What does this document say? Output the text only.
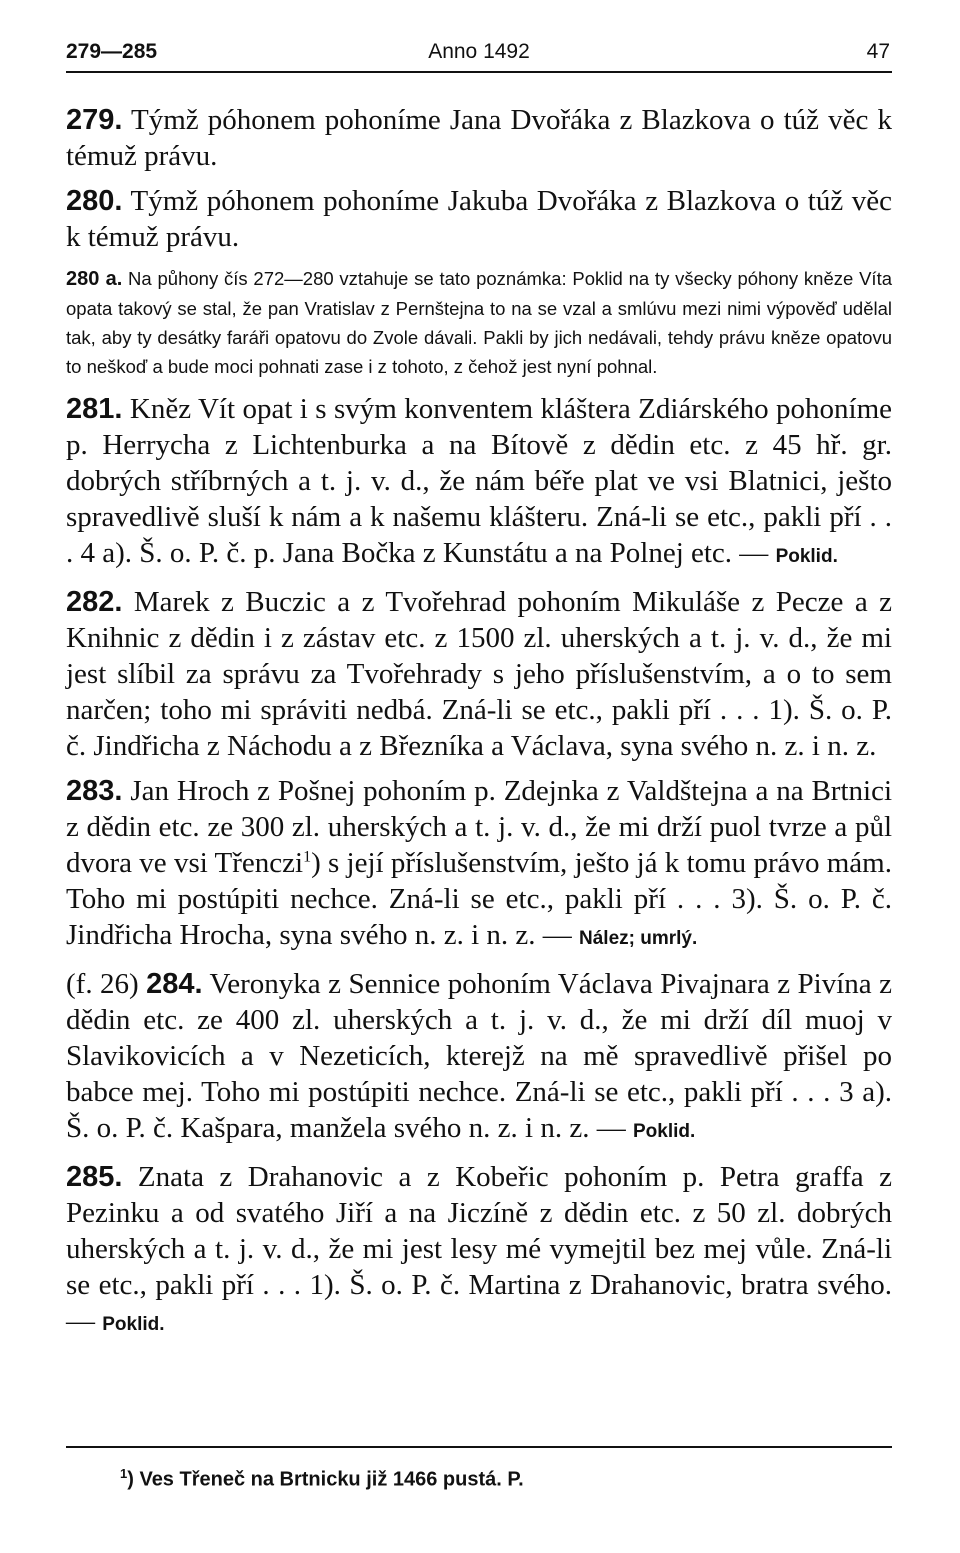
279—285	Anno 1492	47

279. Týmž póhonem pohoníme Jana Dvořáka z Blazkova o túž věc k témuž právu.

280. Týmž póhonem pohoníme Jakuba Dvořáka z Blazkova o túž věc k témuž právu.

280 a. Na půhony čís 272—280 vztahuje se tato poznámka: Poklid na ty všecky póhony kněze Víta opata takový se stal, že pan Vratislav z Pernštejna to na se vzal a smlúvu mezi nimi výpověď udělal tak, aby ty desátky faráři opatovu do Zvole dávali. Pakli by jich nedávali, tehdy právu kněze opatovu to neškoď a bude moci pohnati zase i z tohoto, z čehož jest nyní pohnal.

281. Kněz Vít opat i s svým konventem kláštera Zdiárského pohoníme p. Herrycha z Lichtenburka a na Bítově z dědin etc. z 45 hř. gr. dobrých stříbrných a t. j. v. d., že nám béře plat ve vsi Blatnici, ješto spravedlivě sluší k nám a k našemu klášteru. Zná-li se etc., pakli pří . . . 4 a). Š. o. P. č. p. Jana Bočka z Kunstátu a na Polnej etc. — Poklid.

282. Marek z Buczic a z Tvořehrad pohoním Mikuláše z Pecze a z Knihnic z dědin i z zástav etc. z 1500 zl. uherských a t. j. v. d., že mi jest slíbil za správu za Tvořehrady s jeho příslušenstvím, a o to sem narčen; toho mi správiti nedbá. Zná-li se etc., pakli pří . . . 1). Š. o. P. č. Jindřicha z Náchodu a z Březníka a Václava, syna svého n. z. i n. z.

283. Jan Hroch z Pošnej pohoním p. Zdejnka z Valdštejna a na Brtnici z dědin etc. ze 300 zl. uherských a t. j. v. d., že mi drží puol tvrze a půl dvora ve vsi Třenczi$^1$) s její příslušenstvím, ješto já k tomu právo mám. Toho mi postúpiti nechce. Zná-li se etc., pakli pří . . . 3). Š. o. P. č. Jindřicha Hrocha, syna svého n. z. i n. z. — Nález; umrlý.

(f. 26) 284. Veronyka z Sennice pohoním Václava Pivajnara z Pivína z dědin etc. ze 400 zl. uherských a t. j. v. d., že mi drží díl muoj v Slavikovicích a v Nezeticích, kterejž na mě spravedlivě přišel po babce mej. Toho mi postúpiti nechce. Zná-li se etc., pakli pří . . . 3 a). Š. o. P. č. Kašpara, manžela svého n. z. i n. z. — Poklid.

285. Znata z Drahanovic a z Kobeřic pohoním p. Petra graffa z Pezinku a od svatého Jiří a na Jiczíně z dědin etc. z 50 zl. dobrých uherských a t. j. v. d., že mi jest lesy mé vymejtil bez mej vůle. Zná-li se etc., pakli pří . . . 1). Š. o. P. č. Martina z Drahanovic, bratra svého. — Poklid.

$^1$) Ves Třeneč na Brtnicku již 1466 pustá. P.
